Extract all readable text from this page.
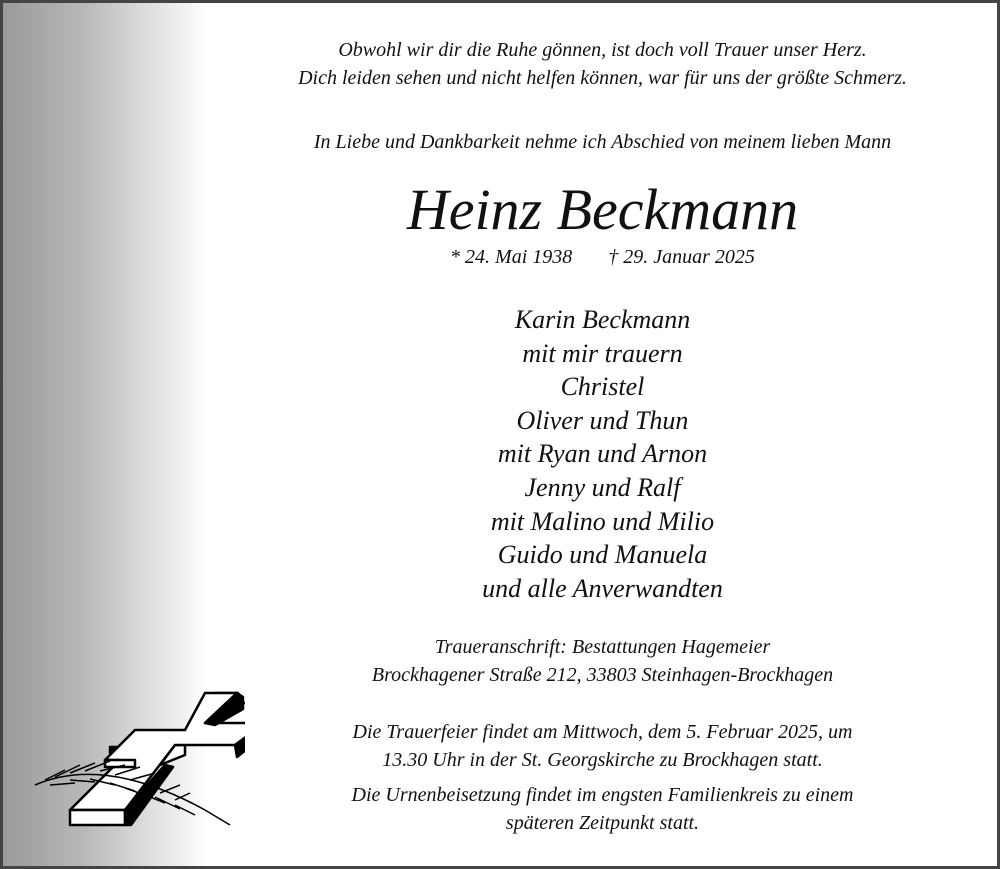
Obwohl wir dir die Ruhe gönnen, ist doch voll Trauer unser Herz.
Dich leiden sehen und nicht helfen können, war für uns der größte Schmerz.
In Liebe und Dankbarkeit nehme ich Abschied von meinem lieben Mann
Heinz Beckmann
* 24. Mai 1938 † 29. Januar 2025
Karin Beckmann
mit mir trauern
Christel
Oliver und Thun
mit Ryan und Arnon
Jenny und Ralf
mit Malino und Milio
Guido und Manuela
und alle Anverwandten
Traueranschrift: Bestattungen Hagemeier
Brockhagener Straße 212, 33803 Steinhagen-Brockhagen
Die Trauerfeier findet am Mittwoch, dem 5. Februar 2025, um
13.30 Uhr in der St. Georgskirche zu Brockhagen statt.
Die Urnenbeisetzung findet im engsten Familienkreis zu einem
späteren Zeitpunkt statt.
